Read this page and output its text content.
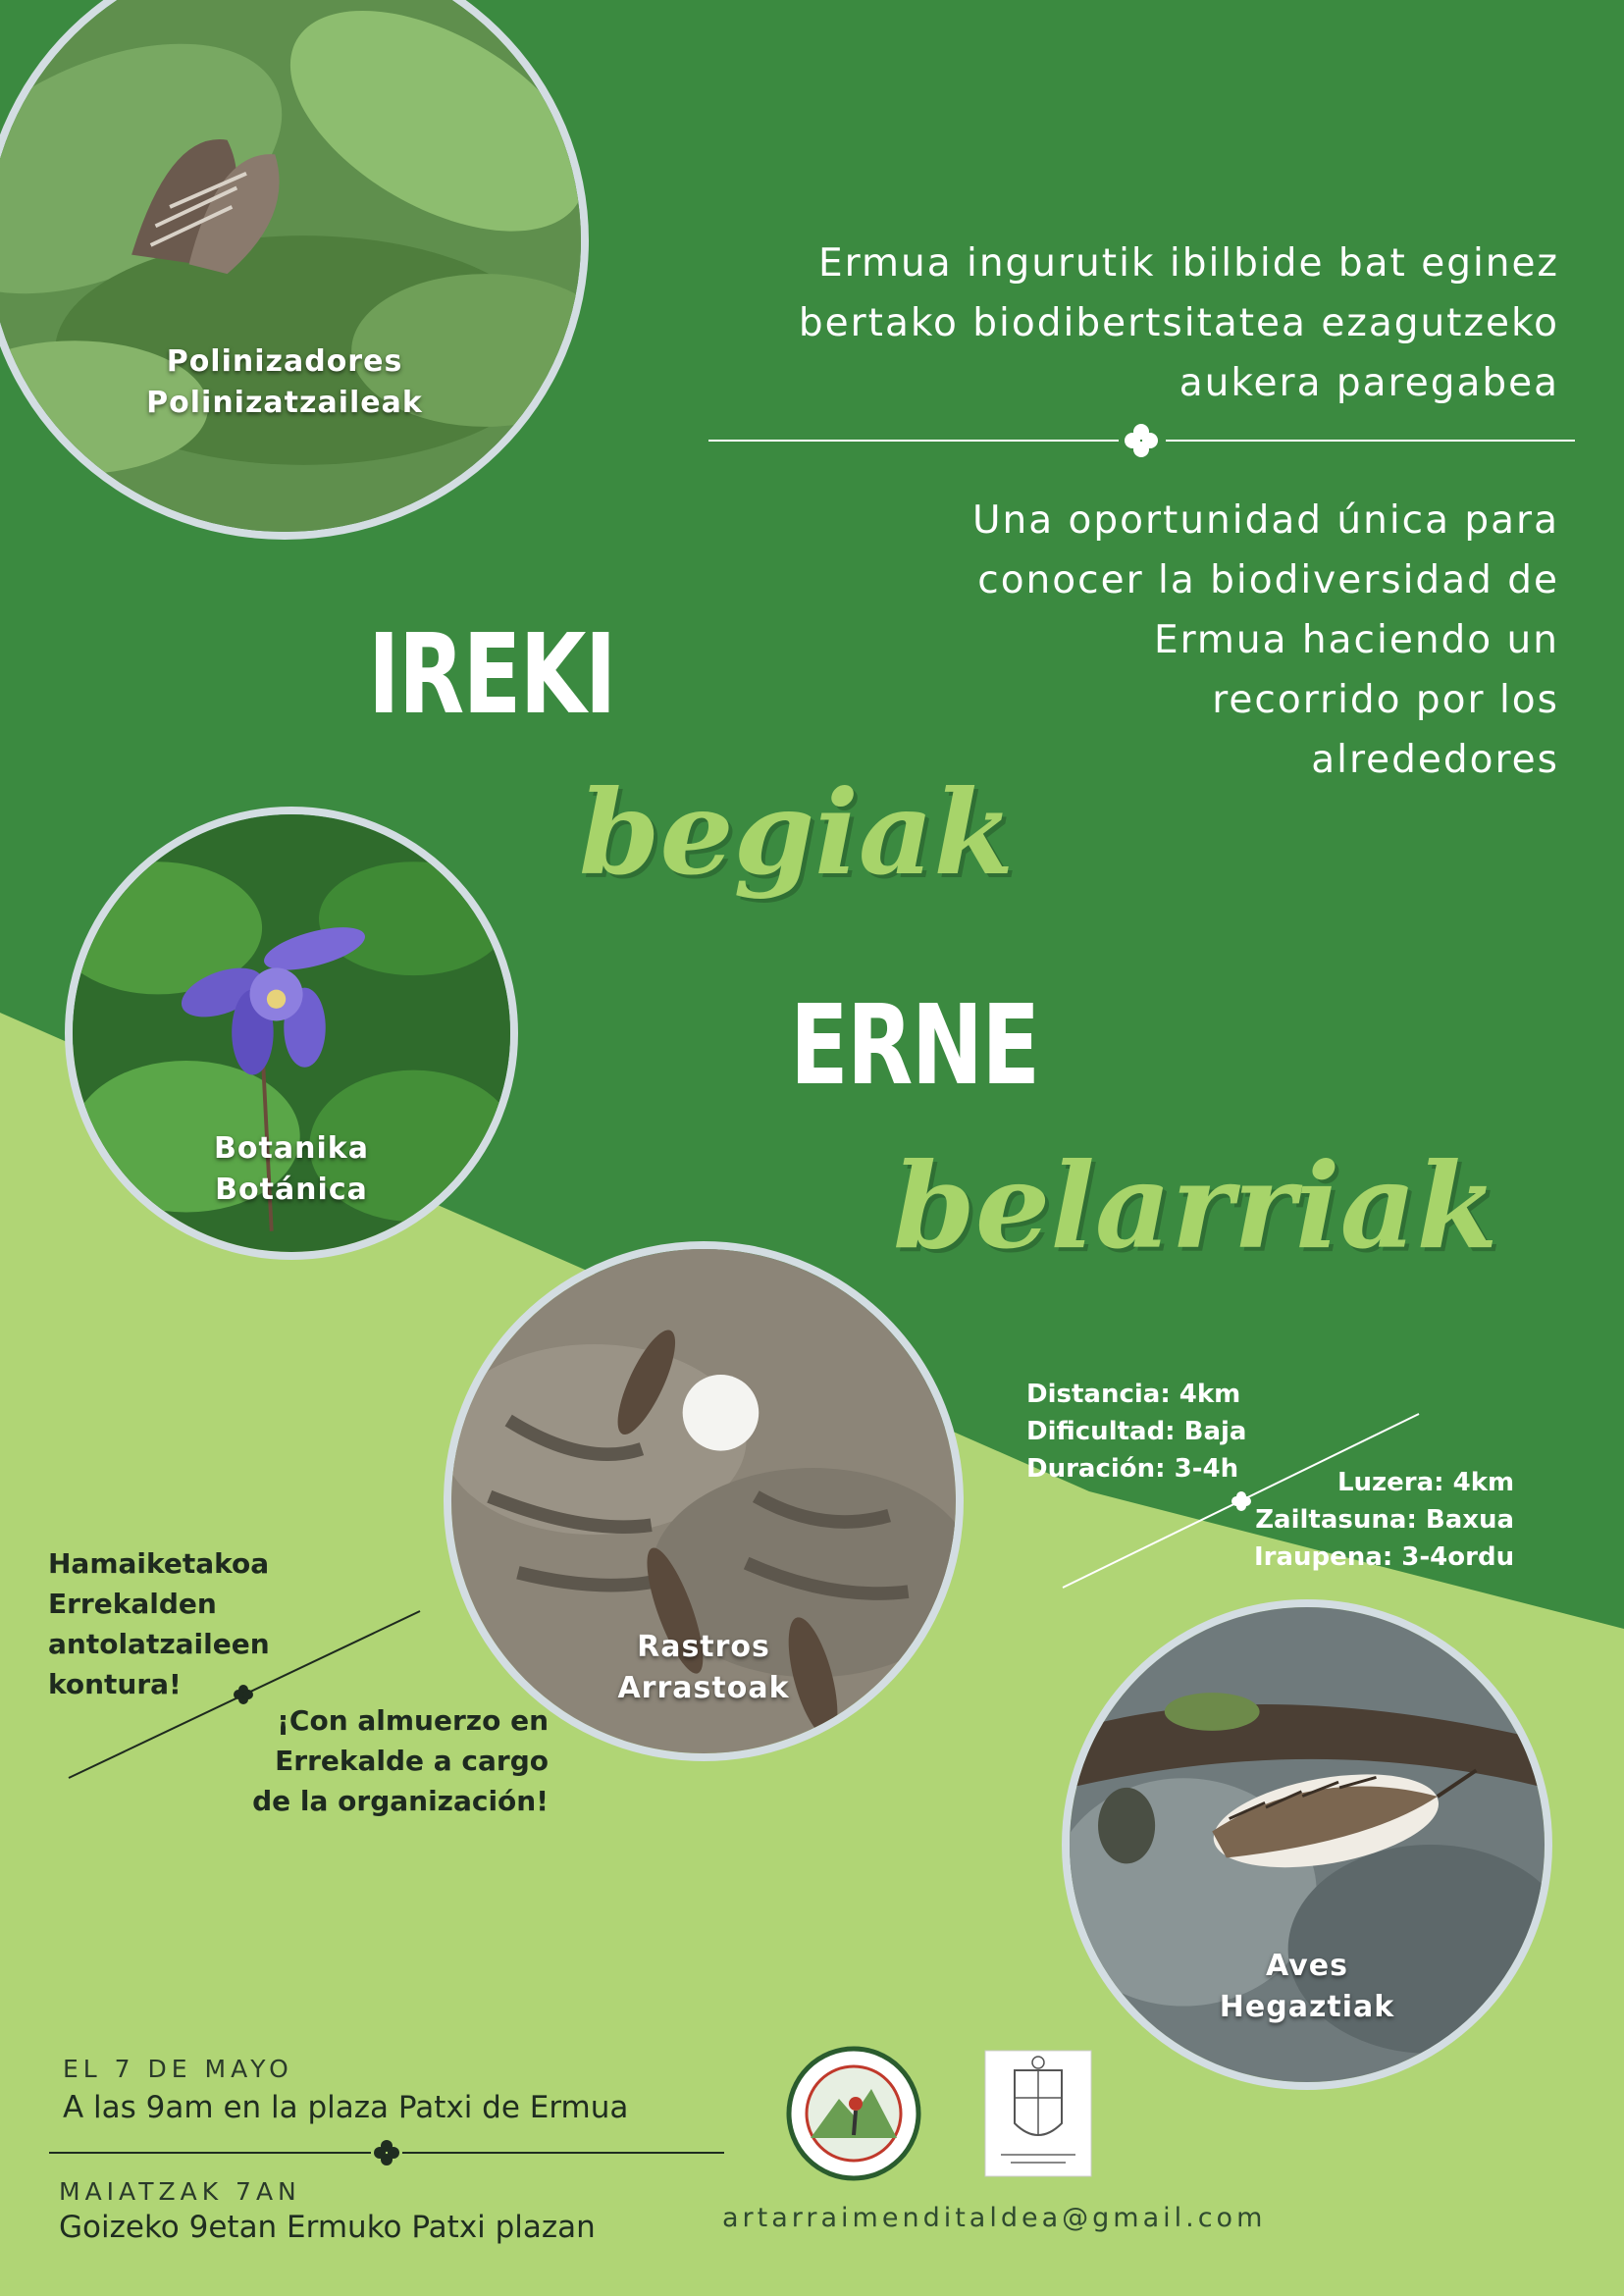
Polinizadores
Polinizatzaileak
Botanika
Botánica
Rastros
Arrastoak
Aves
Hegaztiak
Ermua ingurutik ibilbide bat eginez
bertako biodibertsitatea ezagutzeko
aukera paregabea
Una oportunidad única para
conocer la biodiversidad de
Ermua haciendo un
recorrido por los
alrededores
IREKI
begiak
ERNE
belarriak
Distancia: 4km
Dificultad: Baja
Duración: 3-4h	Luzera: 4km
Zailtasuna: Baxua
Iraupena: 3-4ordu
Hamaiketakoa
Errekalden
antolatzaileen
kontura!
¡Con almuerzo en
Errekalde a cargo
de la organización!
EL 7 DE MAYO
A las 9am en la plaza Patxi de Ermua
MAIATZAK 7AN
Goizeko 9etan Ermuko Patxi plazan	artarraimenditaldea@gmail.com
